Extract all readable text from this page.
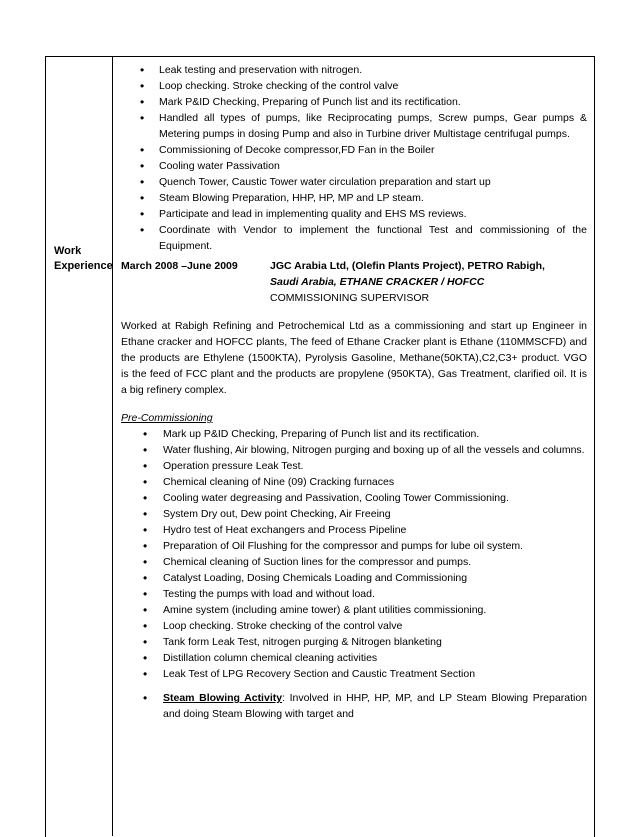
Work Experience
• Leak testing and preservation with nitrogen.
• Loop checking. Stroke checking of the control valve
• Mark P&ID Checking, Preparing of Punch list and its rectification.
• Handled all types of pumps, like Reciprocating pumps, Screw pumps, Gear pumps & Metering pumps in dosing Pump and also in Turbine driver Multistage centrifugal pumps.
• Commissioning of Decoke compressor,FD Fan in the Boiler
• Cooling water Passivation
• Quench Tower, Caustic Tower water circulation preparation and start up
• Steam Blowing Preparation, HHP, HP, MP and LP steam.
• Participate and lead in implementing quality and EHS MS reviews.
• Coordinate with Vendor to implement the functional Test and commissioning of the Equipment.
March 2008 –June 2009	JGC Arabia Ltd, (Olefin Plants Project), PETRO Rabigh,
Saudi Arabia, ETHANE CRACKER / HOFCC
COMMISSIONING SUPERVISOR
Worked at Rabigh Refining and Petrochemical Ltd as a commissioning and start up Engineer in Ethane cracker and HOFCC plants, The feed of Ethane Cracker plant is Ethane (110MMSCFD) and the products are Ethylene (1500KTA), Pyrolysis Gasoline, Methane(50KTA),C2,C3+ product. VGO is the feed of FCC plant and the products are propylene (950KTA), Gas Treatment, clarified oil. It is a big refinery complex.
Pre-Commissioning
• Mark up P&ID Checking, Preparing of Punch list and its rectification.
• Water flushing, Air blowing, Nitrogen purging and boxing up of all the vessels and columns.
• Operation pressure Leak Test.
• Chemical cleaning of Nine (09) Cracking furnaces
• Cooling water degreasing and Passivation, Cooling Tower Commissioning.
• System Dry out, Dew point Checking, Air Freeing
• Hydro test of Heat exchangers and Process Pipeline
• Preparation of Oil Flushing for the compressor and pumps for lube oil system.
• Chemical cleaning of Suction lines for the compressor and pumps.
• Catalyst Loading, Dosing Chemicals Loading and Commissioning
• Testing the pumps with load and without load.
• Amine system (including amine tower) & plant utilities commissioning.
• Loop checking. Stroke checking of the control valve
• Tank form Leak Test, nitrogen purging & Nitrogen blanketing
• Distillation column chemical cleaning activities
• Leak Test of LPG Recovery Section and Caustic Treatment Section
• Steam Blowing Activity: Involved in HHP, HP, MP, and LP Steam Blowing Preparation and doing Steam Blowing with target and
